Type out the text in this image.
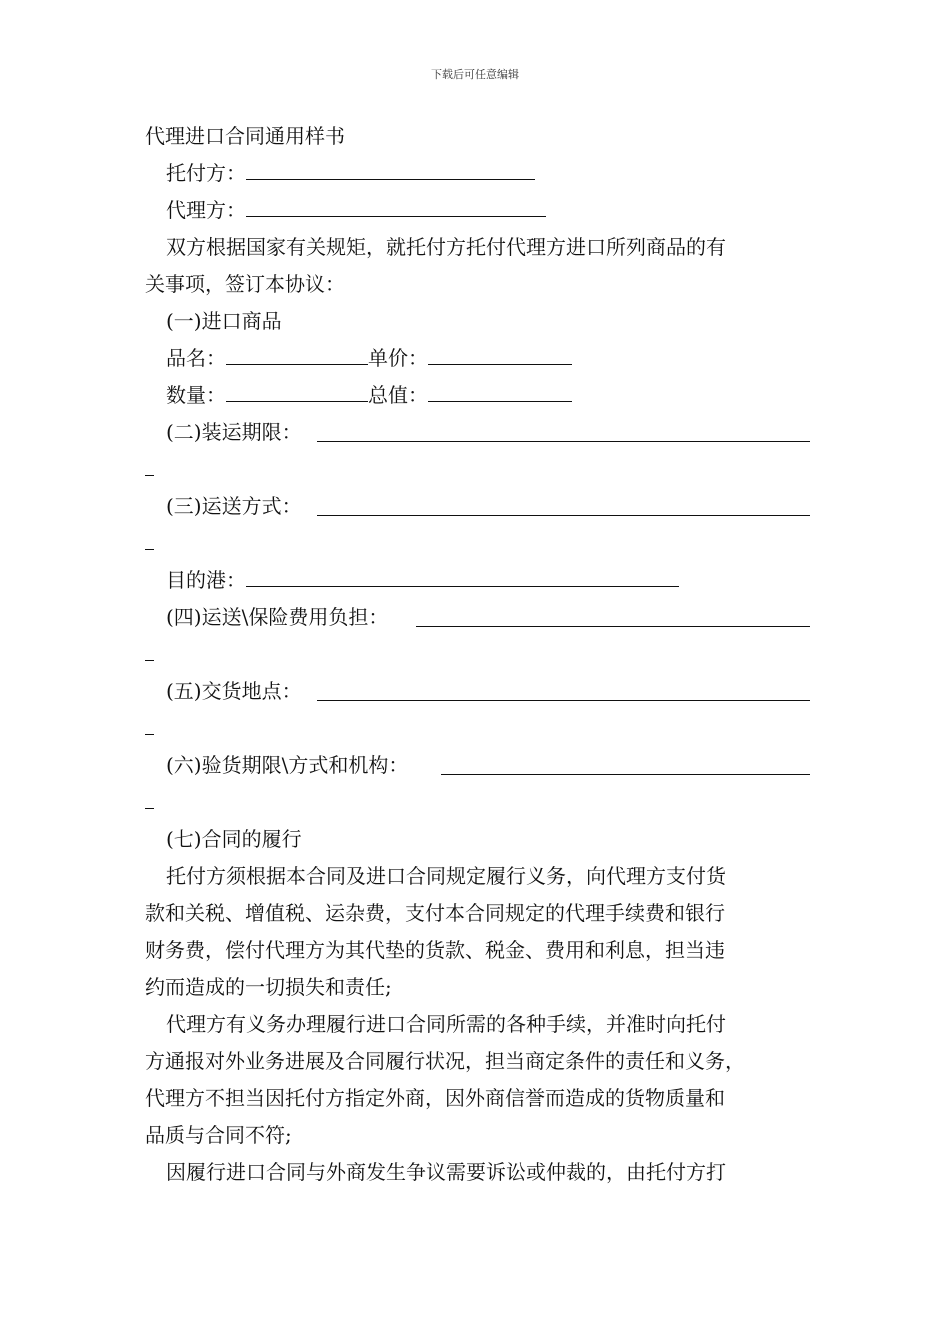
下载后可任意编辑
代理进口合同通用样书
托付方：
代理方：
双方根据国家有关规矩，就托付方托付代理方进口所列商品的有
关事项，签订本协议：
(一)进口商品
品名：	单价：
数量：	总值：
(二)装运期限：
(三)运送方式：
目的港：
(四)运送\保险费用负担：
(五)交货地点：
(六)验货期限\方式和机构：
(七)合同的履行
托付方须根据本合同及进口合同规定履行义务，向代理方支付货
款和关税、增值税、运杂费，支付本合同规定的代理手续费和银行
财务费，偿付代理方为其代垫的货款、税金、费用和利息，担当违
约而造成的一切损失和责任;
代理方有义务办理履行进口合同所需的各种手续，并准时向托付
方通报对外业务进展及合同履行状况，担当商定条件的责任和义务，
代理方不担当因托付方指定外商，因外商信誉而造成的货物质量和
品质与合同不符;
因履行进口合同与外商发生争议需要诉讼或仲裁的，由托付方打
